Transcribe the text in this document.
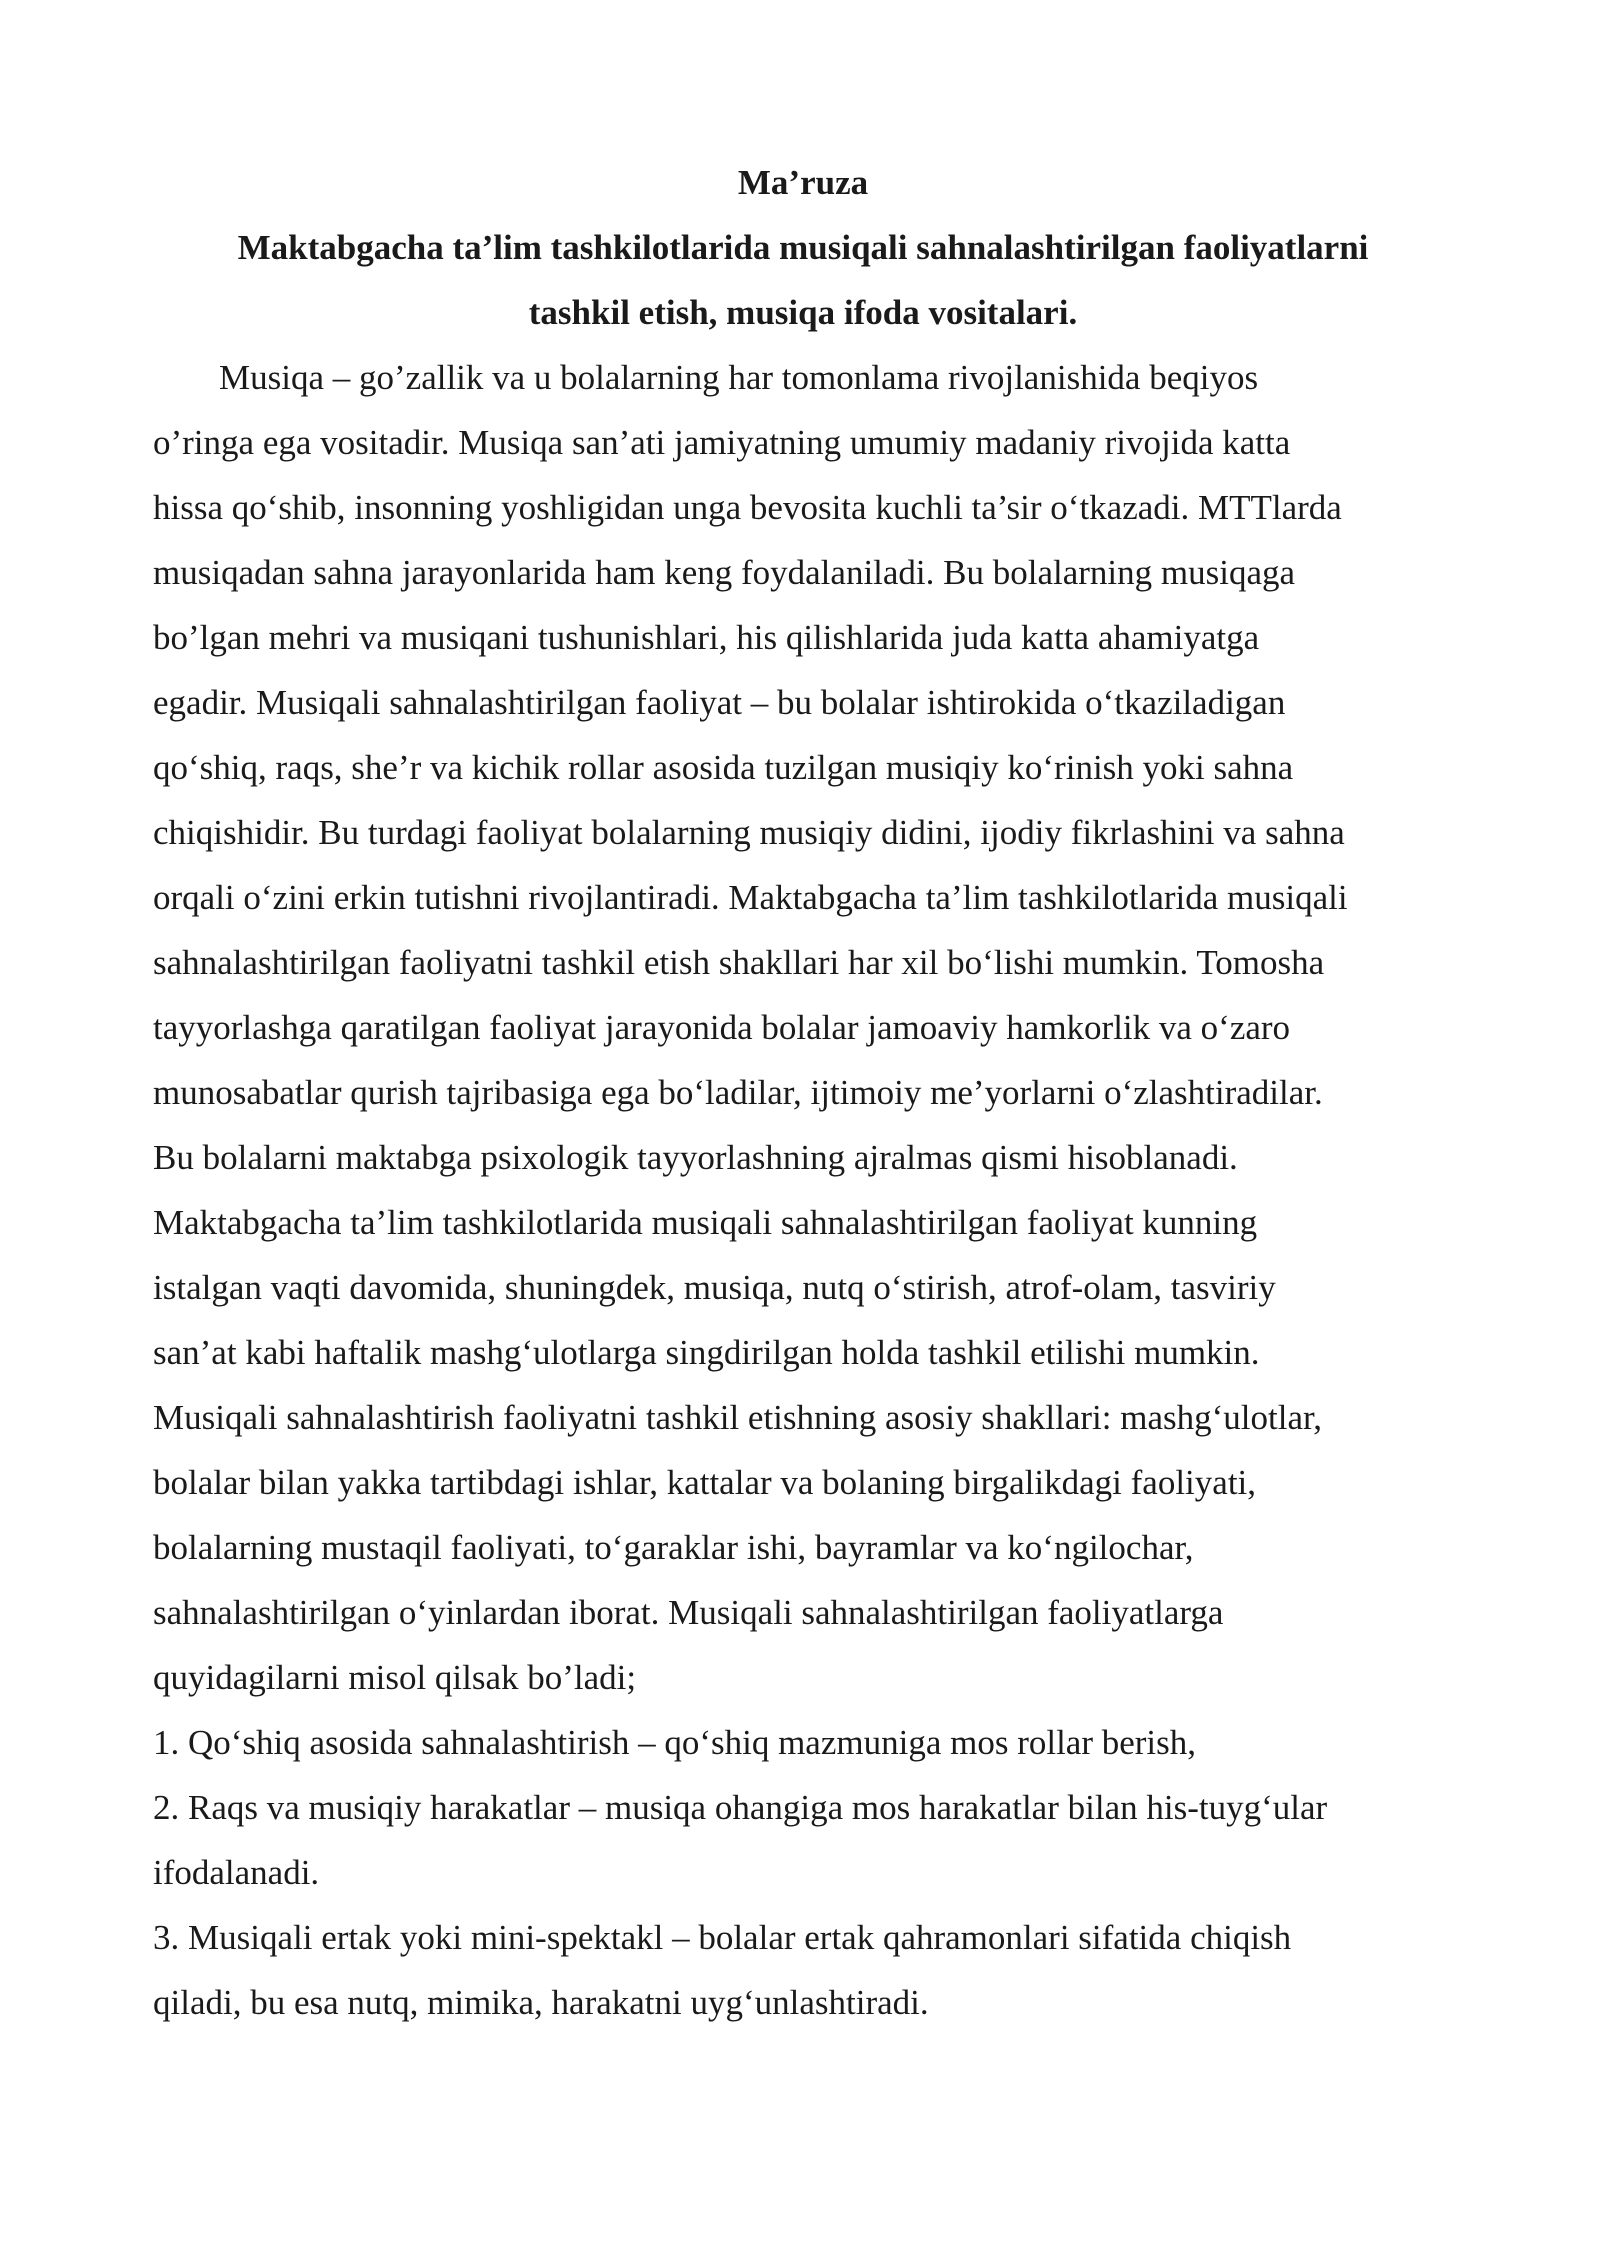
Ma’ruza

Maktabgacha ta’lim tashkilotlarida musiqali sahnalashtirilgan faoliyatlarni

tashkil etish, musiqa ifoda vositalari.

Musiqa – go’zallik va u bolalarning har tomonlama rivojlanishida beqiyos

o’ringa ega vositadir. Musiqa san’ati jamiyatning umumiy madaniy rivojida katta

hissa qo‘shib, insonning yoshligidan unga bevosita kuchli ta’sir o‘tkazadi. MTTlarda

musiqadan sahna jarayonlarida ham keng foydalaniladi. Bu bolalarning musiqaga

bo’lgan mehri va musiqani tushunishlari, his qilishlarida juda katta ahamiyatga

egadir. Musiqali sahnalashtirilgan faoliyat – bu bolalar ishtirokida o‘tkaziladigan

qo‘shiq, raqs, she’r va kichik rollar asosida tuzilgan musiqiy ko‘rinish yoki sahna

chiqishidir. Bu turdagi faoliyat bolalarning musiqiy didini, ijodiy fikrlashini va sahna

orqali o‘zini erkin tutishni rivojlantiradi. Maktabgacha ta’lim tashkilotlarida musiqali

sahnalashtirilgan faoliyatni tashkil etish shakllari har xil bo‘lishi mumkin. Tomosha

tayyorlashga qaratilgan faoliyat jarayonida bolalar jamoaviy hamkorlik va o‘zaro

munosabatlar qurish tajribasiga ega bo‘ladilar, ijtimoiy me’yorlarni o‘zlashtiradilar.

Bu bolalarni maktabga psixologik tayyorlashning ajralmas qismi hisoblanadi.

Maktabgacha ta’lim tashkilotlarida musiqali sahnalashtirilgan faoliyat kunning

istalgan vaqti davomida, shuningdek, musiqa, nutq o‘stirish, atrof-olam, tasviriy

san’at kabi haftalik mashg‘ulotlarga singdirilgan holda tashkil etilishi mumkin.

Musiqali sahnalashtirish faoliyatni tashkil etishning asosiy shakllari: mashg‘ulotlar,

bolalar bilan yakka tartibdagi ishlar, kattalar va bolaning birgalikdagi faoliyati,

bolalarning mustaqil faoliyati, to‘garaklar ishi, bayramlar va ko‘ngilochar,

sahnalashtirilgan o‘yinlardan iborat. Musiqali sahnalashtirilgan faoliyatlarga

quyidagilarni misol qilsak bo’ladi;

1. Qo‘shiq asosida sahnalashtirish – qo‘shiq mazmuniga mos rollar berish,

2. Raqs va musiqiy harakatlar – musiqa ohangiga mos harakatlar bilan his-tuyg‘ular

ifodalanadi.

3. Musiqali ertak yoki mini-spektakl – bolalar ertak qahramonlari sifatida chiqish

qiladi, bu esa nutq, mimika, harakatni uyg‘unlashtiradi.
